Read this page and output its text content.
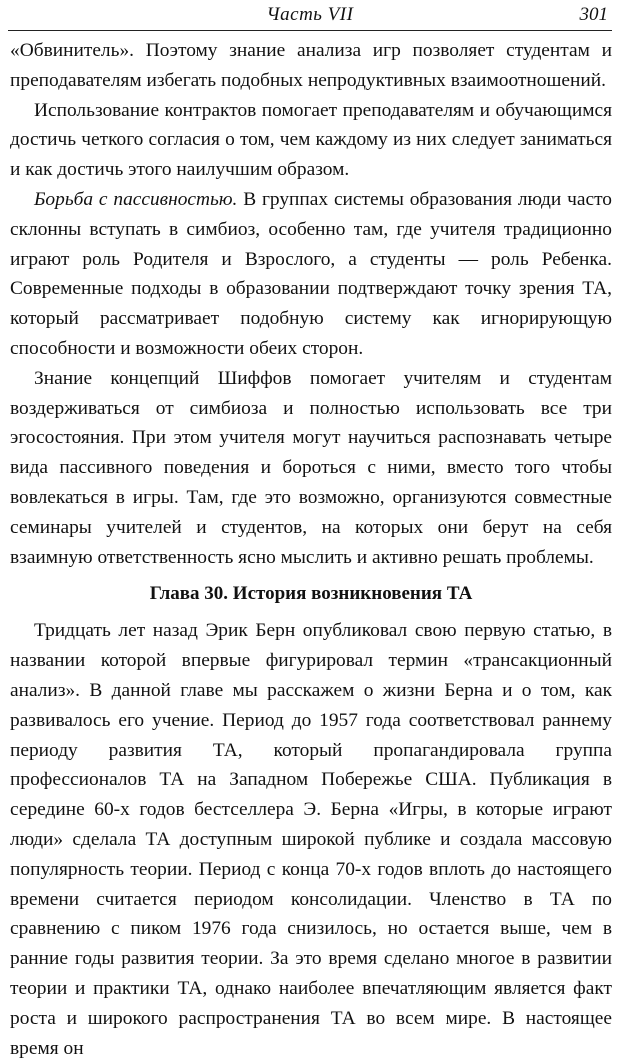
Часть VII	301

«Обвинитель». Поэтому знание анализа игр позволяет студентам и преподавателям избегать подобных непродуктивных взаимоотношений.

Использование контрактов помогает преподавателям и обучающимся достичь четкого согласия о том, чем каждому из них следует заниматься и как достичь этого наилучшим образом.

Борьба с пассивностью. В группах системы образования люди часто склонны вступать в симбиоз, особенно там, где учителя традиционно играют роль Родителя и Взрослого, а студенты — роль Ребенка. Современные подходы в образовании подтверждают точку зрения ТА, который рассматривает подобную систему как игнорирующую способности и возможности обеих сторон.

Знание концепций Шиффов помогает учителям и студентам воздерживаться от симбиоза и полностью использовать все три эгосостояния. При этом учителя могут научиться распознавать четыре вида пассивного поведения и бороться с ними, вместо того чтобы вовлекаться в игры. Там, где это возможно, организуются совместные семинары учителей и студентов, на которых они берут на себя взаимную ответственность ясно мыслить и активно решать проблемы.

Глава 30. История возникновения ТА

Тридцать лет назад Эрик Берн опубликовал свою первую статью, в названии которой впервые фигурировал термин «трансакционный анализ». В данной главе мы расскажем о жизни Берна и о том, как развивалось его учение. Период до 1957 года соответствовал раннему периоду развития ТА, который пропагандировала группа профессионалов ТА на Западном Побережье США. Публикация в середине 60-х годов бестселлера Э. Берна «Игры, в которые играют люди» сделала ТА доступным широкой публике и создала массовую популярность теории. Период с конца 70-х годов вплоть до настоящего времени считается периодом консолидации. Членство в ТА по сравнению с пиком 1976 года снизилось, но остается выше, чем в ранние годы развития теории. За это время сделано многое в развитии теории и практики ТА, однако наиболее впечатляющим является факт роста и широкого распространения ТА во всем мире. В настоящее время он
